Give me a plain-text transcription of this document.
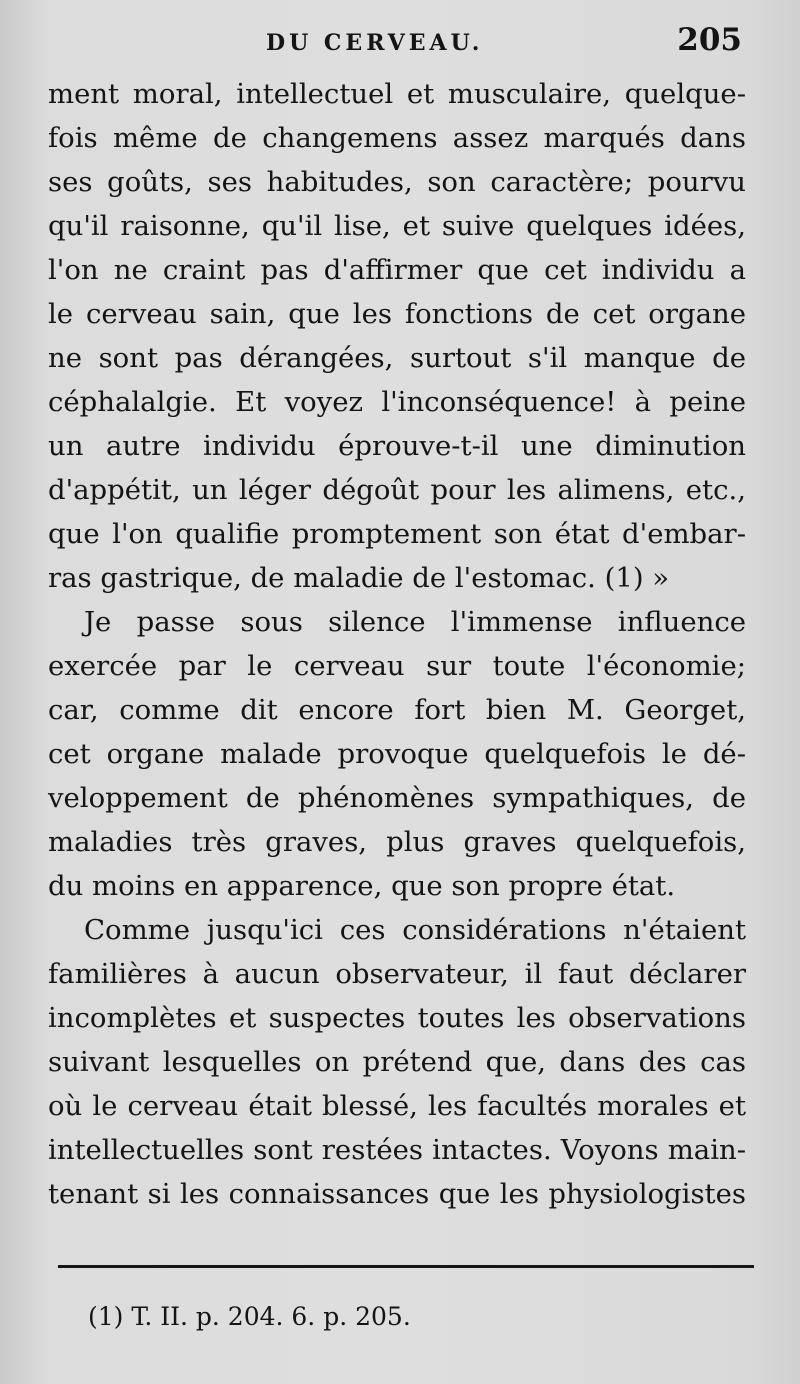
DU CERVEAU.	205
ment moral, intellectuel et musculaire, quelque-
fois même de changemens assez marqués dans
ses goûts, ses habitudes, son caractère; pourvu
qu'il raisonne, qu'il lise, et suive quelques idées,
l'on ne craint pas d'affirmer que cet individu a
le cerveau sain, que les fonctions de cet organe
ne sont pas dérangées, surtout s'il manque de
céphalalgie. Et voyez l'inconséquence! à peine
un autre individu éprouve-t-il une diminution
d'appétit, un léger dégoût pour les alimens, etc.,
que l'on qualifie promptement son état d'embar-
ras gastrique, de maladie de l'estomac. (1) »
Je passe sous silence l'immense influence
exercée par le cerveau sur toute l'économie;
car, comme dit encore fort bien M. Georget,
cet organe malade provoque quelquefois le dé-
veloppement de phénomènes sympathiques, de
maladies très graves, plus graves quelquefois,
du moins en apparence, que son propre état.
Comme jusqu'ici ces considérations n'étaient
familières à aucun observateur, il faut déclarer
incomplètes et suspectes toutes les observations
suivant lesquelles on prétend que, dans des cas
où le cerveau était blessé, les facultés morales et
intellectuelles sont restées intactes. Voyons main-
tenant si les connaissances que les physiologistes
(1) T. II. p. 204. 6. p. 205.
